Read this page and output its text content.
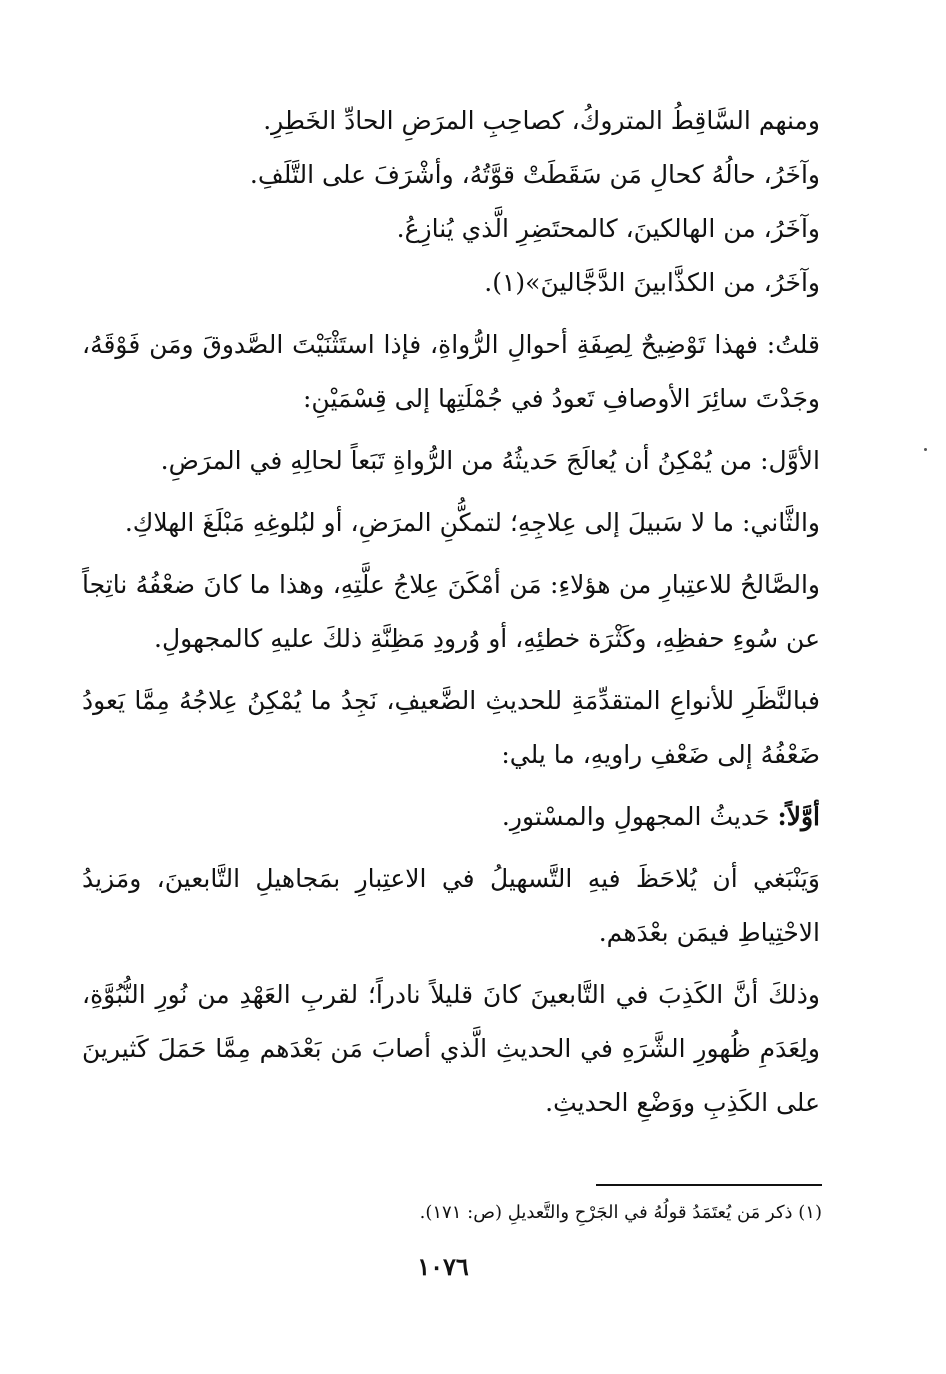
ومنهم السَّاقِطُ المتروكُ، كصاحِبِ المرَضِ الحادِّ الخَطِرِ.

وآخَرُ، حالُهُ كحالِ مَن سَقَطَتْ قوَّتُهُ، وأشْرَفَ على التَّلَفِ.

وآخَرُ، من الهالكينَ، كالمحتَضِرِ الَّذي يُنازِعُ.

وآخَرُ، من الكذَّابينَ الدَّجَّالينَ»(١).

قلتُ: فهذا تَوْضِيحٌ لِصِفَةِ أحوالِ الرُّواةِ، فإذا استَثْنَيْتَ الصَّدوقَ ومَن فَوْقَهُ، وجَدْتَ سائِرَ الأوصافِ تَعودُ في جُمْلَتِها إلى قِسْمَيْنِ:

الأوَّل: من يُمْكِنُ أن يُعالَجَ حَديثُهُ من الرُّواةِ تَبَعاً لحالِهِ في المرَضِ.

والثَّاني: ما لا سَبيلَ إلى عِلاجِهِ؛ لتمكُّنِ المرَضِ، أو لبُلوغِهِ مَبْلَغَ الهلاكِ.

والصَّالحُ للاعتِبارِ من هؤلاءِ: مَن أمْكَنَ عِلاجُ علَّتِهِ، وهذا ما كانَ ضعْفُهُ ناتِجاً عن سُوءِ حفظِهِ، وكَثْرَة خطئِهِ، أو وُرودِ مَظِنَّةِ ذلكَ عليهِ كالمجهولِ.

فبالنَّظَرِ للأنواعِ المتقدِّمَةِ للحديثِ الضَّعيفِ، نَجِدُ ما يُمْكِنُ عِلاجُهُ مِمَّا يَعودُ ضَعْفُهُ إلى ضَعْفِ راويهِ، ما يلي:

أوَّلاً: حَديثُ المجهولِ والمسْتورِ.

وَيَنْبَغي أن يُلاحَظَ فيهِ التَّسهيلُ في الاعتِبارِ بمَجاهيلِ التَّابعينَ، ومَزيدُ الاحْتِياطِ فيمَن بعْدَهم.

وذلكَ أنَّ الكَذِبَ في التَّابعينَ كانَ قليلاً نادراً؛ لقربِ العَهْدِ من نُورِ النُّبُوَّةِ، ولِعَدَمِ ظُهورِ الشَّرَهِ في الحديثِ الَّذي أصابَ مَن بَعْدَهم مِمَّا حَمَلَ كَثيرينَ على الكَذِبِ ووَضْعِ الحديثِ.

(١) ذكر مَن يُعتَمَدُ قولُهُ في الجَرْحِ والتَّعديلِ (ص: ١٧١).
١٠٧٦
